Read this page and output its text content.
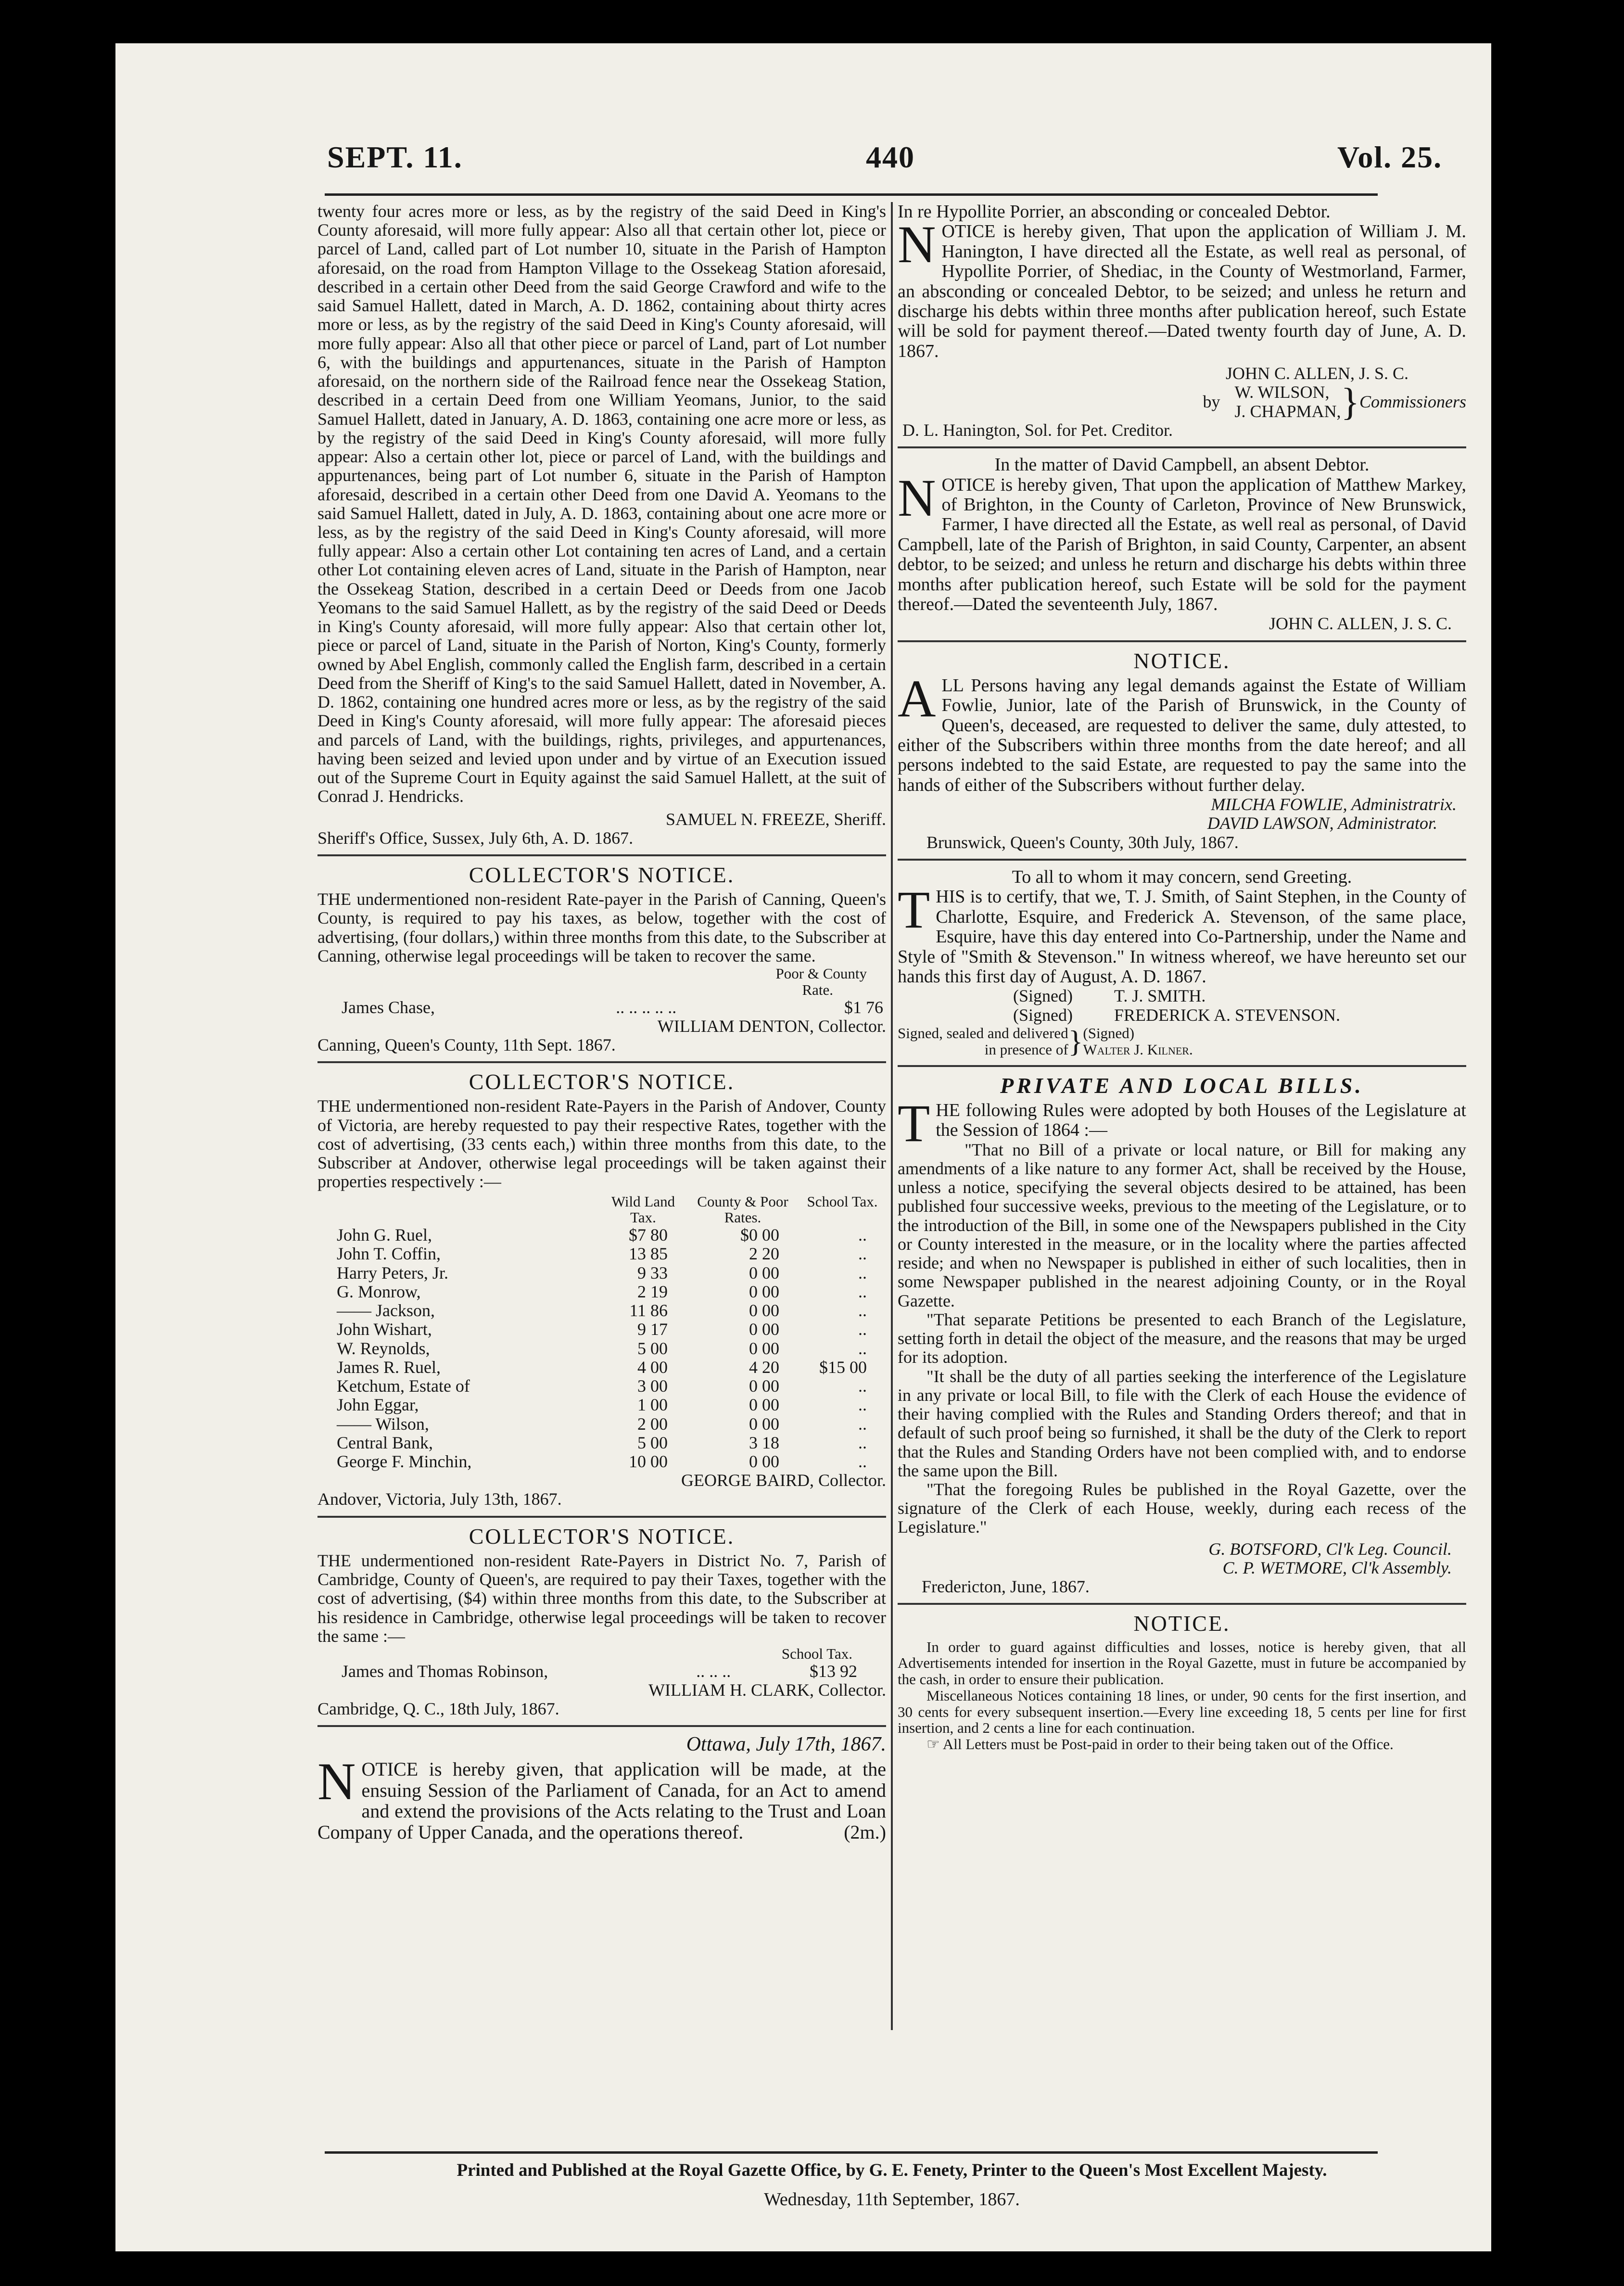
SEPT. 11.	440	Vol. 25.

twenty four acres more or less, as by the registry of the said Deed in King's County aforesaid, will more fully appear: Also all that certain other lot, piece or parcel of Land, called part of Lot number 10, situate in the Parish of Hampton aforesaid, on the road from Hampton Village to the Ossekeag Station aforesaid, described in a certain other Deed from the said George Crawford and wife to the said Samuel Hallett, dated in March, A. D. 1862, containing about thirty acres more or less, as by the registry of the said Deed in King's County aforesaid, will more fully appear: Also all that other piece or parcel of Land, part of Lot number 6, with the buildings and appurtenances, situate in the Parish of Hampton aforesaid, on the northern side of the Railroad fence near the Ossekeag Station, described in a certain Deed from one William Yeomans, Junior, to the said Samuel Hallett, dated in January, A. D. 1863, containing one acre more or less, as by the registry of the said Deed in King's County aforesaid, will more fully appear: Also a certain other lot, piece or parcel of Land, with the buildings and appurtenances, being part of Lot number 6, situate in the Parish of Hampton aforesaid, described in a certain other Deed from one David A. Yeomans to the said Samuel Hallett, dated in July, A. D. 1863, containing about one acre more or less, as by the registry of the said Deed in King's County aforesaid, will more fully appear: Also a certain other Lot containing ten acres of Land, and a certain other Lot containing eleven acres of Land, situate in the Parish of Hampton, near the Ossekeag Station, described in a certain Deed or Deeds from one Jacob Yeomans to the said Samuel Hallett, as by the registry of the said Deed or Deeds in King's County aforesaid, will more fully appear: Also that certain other lot, piece or parcel of Land, situate in the Parish of Norton, King's County, formerly owned by Abel English, commonly called the English farm, described in a certain Deed from the Sheriff of King's to the said Samuel Hallett, dated in November, A. D. 1862, containing one hundred acres more or less, as by the registry of the said Deed in King's County aforesaid, will more fully appear: The aforesaid pieces and parcels of Land, with the buildings, rights, privileges, and appurtenances, having been seized and levied upon under and by virtue of an Execution issued out of the Supreme Court in Equity against the said Samuel Hallett, at the suit of Conrad J. Hendricks.

SAMUEL N. FREEZE, Sheriff.

Sheriff's Office, Sussex, July 6th, A. D. 1867.

COLLECTOR'S NOTICE.

THE undermentioned non-resident Rate-payer in the Parish of Canning, Queen's County, is required to pay his taxes, as below, together with the cost of advertising, (four dollars,) within three months from this date, to the Subscriber at Canning, otherwise legal proceedings will be taken to recover the same.

Poor & County

Rate.

James Chase,	.. .. .. .. ..	$1 76

WILLIAM DENTON, Collector.

Canning, Queen's County, 11th Sept. 1867.

COLLECTOR'S NOTICE.

THE undermentioned non-resident Rate-Payers in the Parish of Andover, County of Victoria, are hereby requested to pay their respective Rates, together with the cost of advertising, (33 cents each,) within three months from this date, to the Subscriber at Andover, otherwise legal proceedings will be taken against their properties respectively :—

	Wild Land Tax.	County & Poor Rates.	School Tax.
John G. Ruel,	$7 80	$0 00	..
John T. Coffin,	13 85	2 20	..
Harry Peters, Jr.	9 33	0 00	..
G. Monrow,	2 19	0 00	..
—— Jackson,	11 86	0 00	..
John Wishart,	9 17	0 00	..
W. Reynolds,	5 00	0 00	..
James R. Ruel,	4 00	4 20	$15 00
Ketchum, Estate of	3 00	0 00	..
John Eggar,	1 00	0 00	..
—— Wilson,	2 00	0 00	..
Central Bank,	5 00	3 18	..
George F. Minchin,	10 00	0 00	..

GEORGE BAIRD, Collector.

Andover, Victoria, July 13th, 1867.

COLLECTOR'S NOTICE.

THE undermentioned non-resident Rate-Payers in District No. 7, Parish of Cambridge, County of Queen's, are required to pay their Taxes, together with the cost of advertising, ($4) within three months from this date, to the Subscriber at his residence in Cambridge, otherwise legal proceedings will be taken to recover the same :—

School Tax.

James and Thomas Robinson,	.. .. ..	$13 92

WILLIAM H. CLARK, Collector.

Cambridge, Q. C., 18th July, 1867.

Ottawa, July 17th, 1867.

NOTICE is hereby given, that application will be made, at the ensuing Session of the Parliament of Canada, for an Act to amend and extend the provisions of the Acts relating to the Trust and Loan Company of Upper Canada, and the operations thereof.	(2m.)

In re Hypollite Porrier, an absconding or concealed Debtor.

NOTICE is hereby given, That upon the application of William J. M. Hanington, I have directed all the Estate, as well real as personal, of Hypollite Porrier, of Shediac, in the County of Westmorland, Farmer, an absconding or concealed Debtor, to be seized; and unless he return and discharge his debts within three months after publication hereof, such Estate will be sold for payment thereof.—Dated twenty fourth day of June, A. D. 1867.

JOHN C. ALLEN, J. S. C.

by W. WILSON,
J. CHAPMAN, } Commissioners

D. L. Hanington, Sol. for Pet. Creditor.

In the matter of David Campbell, an absent Debtor.

NOTICE is hereby given, That upon the application of Matthew Markey, of Brighton, in the County of Carleton, Province of New Brunswick, Farmer, I have directed all the Estate, as well real as personal, of David Campbell, late of the Parish of Brighton, in said County, Carpenter, an absent debtor, to be seized; and unless he return and discharge his debts within three months after publication hereof, such Estate will be sold for the payment thereof.—Dated the seventeenth July, 1867.

JOHN C. ALLEN, J. S. C.

NOTICE.

ALL Persons having any legal demands against the Estate of William Fowlie, Junior, late of the Parish of Brunswick, in the County of Queen's, deceased, are requested to deliver the same, duly attested, to either of the Subscribers within three months from the date hereof; and all persons indebted to the said Estate, are requested to pay the same into the hands of either of the Subscribers without further delay.

MILCHA FOWLIE, Administratrix.

DAVID LAWSON, Administrator.

Brunswick, Queen's County, 30th July, 1867.

To all to whom it may concern, send Greeting.

THIS is to certify, that we, T. J. Smith, of Saint Stephen, in the County of Charlotte, Esquire, and Frederick A. Stevenson, of the same place, Esquire, have this day entered into Co-Partnership, under the Name and Style of "Smith & Stevenson." In witness whereof, we have hereunto set our hands this first day of August, A. D. 1867.

(Signed) T. J. SMITH.

(Signed) FREDERICK A. STEVENSON.

Signed, sealed and delivered
in presence of } (Signed)
Walter J. Kilner.

PRIVATE AND LOCAL BILLS.

THE following Rules were adopted by both Houses of the Legislature at the Session of 1864 :—

"That no Bill of a private or local nature, or Bill for making any amendments of a like nature to any former Act, shall be received by the House, unless a notice, specifying the several objects desired to be attained, has been published four successive weeks, previous to the meeting of the Legislature, or to the introduction of the Bill, in some one of the Newspapers published in the City or County interested in the measure, or in the locality where the parties affected reside; and when no Newspaper is published in either of such localities, then in some Newspaper published in the nearest adjoining County, or in the Royal Gazette.

"That separate Petitions be presented to each Branch of the Legislature, setting forth in detail the object of the measure, and the reasons that may be urged for its adoption.

"It shall be the duty of all parties seeking the interference of the Legislature in any private or local Bill, to file with the Clerk of each House the evidence of their having complied with the Rules and Standing Orders thereof; and that in default of such proof being so furnished, it shall be the duty of the Clerk to report that the Rules and Standing Orders have not been complied with, and to endorse the same upon the Bill.

"That the foregoing Rules be published in the Royal Gazette, over the signature of the Clerk of each House, weekly, during each recess of the Legislature."

G. BOTSFORD, Cl'k Leg. Council.

C. P. WETMORE, Cl'k Assembly.

Fredericton, June, 1867.

NOTICE.

In order to guard against difficulties and losses, notice is hereby given, that all Advertisements intended for insertion in the Royal Gazette, must in future be accompanied by the cash, in order to ensure their publication.

Miscellaneous Notices containing 18 lines, or under, 90 cents for the first insertion, and 30 cents for every subsequent insertion.—Every line exceeding 18, 5 cents per line for first insertion, and 2 cents a line for each continuation.

☞ All Letters must be Post-paid in order to their being taken out of the Office.

Printed and Published at the Royal Gazette Office, by G. E. Fenety, Printer to the Queen's Most Excellent Majesty.

Wednesday, 11th September, 1867.
